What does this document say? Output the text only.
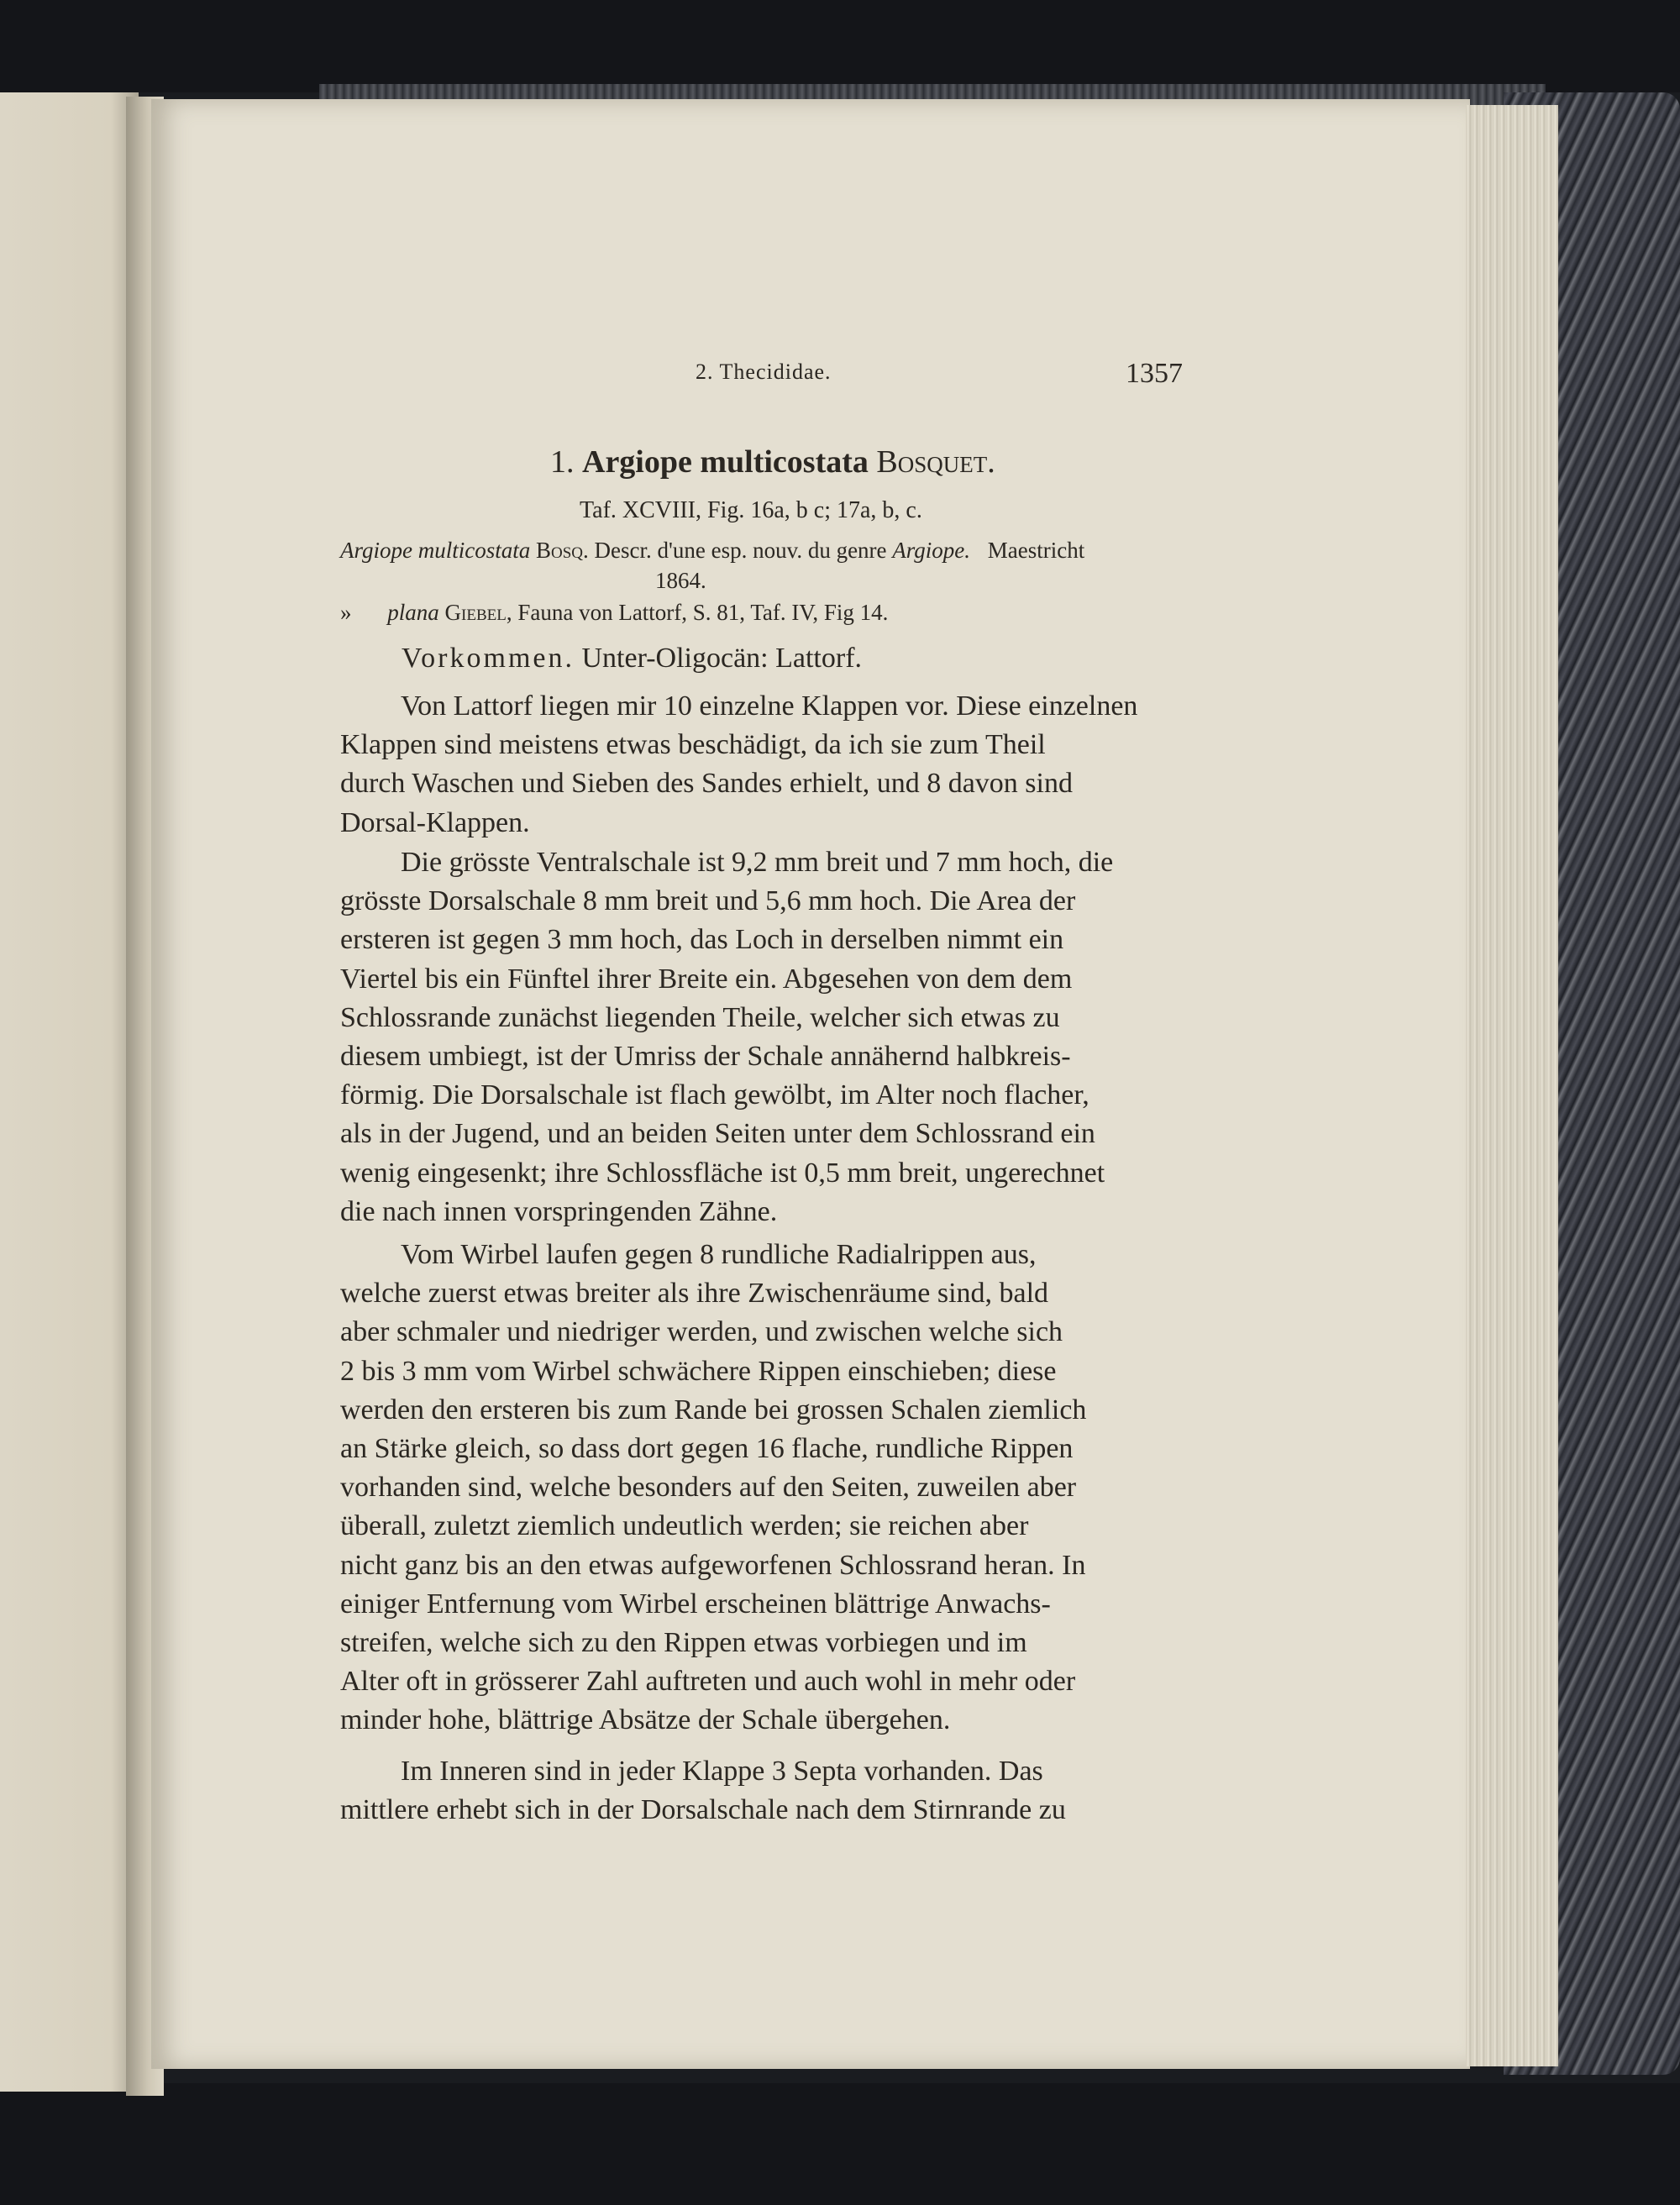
2. Thecididae.	1357
1. Argiope multicostata Bosquet.
Taf. XCVIII, Fig. 16a, b c; 17a, b, c.
Argiope multicostata Bosq. Descr. d'une esp. nouv. du genre Argiope. Maestricht
1864.
» plana Giebel, Fauna von Lattorf, S. 81, Taf. IV, Fig 14.
Vorkommen. Unter-Oligocän: Lattorf.
Von Lattorf liegen mir 10 einzelne Klappen vor. Diese einzelnen
Klappen sind meistens etwas beschädigt, da ich sie zum Theil
durch Waschen und Sieben des Sandes erhielt, und 8 davon sind
Dorsal-Klappen.
Die grösste Ventralschale ist 9,2 mm breit und 7 mm hoch, die
grösste Dorsalschale 8 mm breit und 5,6 mm hoch. Die Area der
ersteren ist gegen 3 mm hoch, das Loch in derselben nimmt ein
Viertel bis ein Fünftel ihrer Breite ein. Abgesehen von dem dem
Schlossrande zunächst liegenden Theile, welcher sich etwas zu
diesem umbiegt, ist der Umriss der Schale annähernd halbkreis-
förmig. Die Dorsalschale ist flach gewölbt, im Alter noch flacher,
als in der Jugend, und an beiden Seiten unter dem Schlossrand ein
wenig eingesenkt; ihre Schlossfläche ist 0,5 mm breit, ungerechnet
die nach innen vorspringenden Zähne.
Vom Wirbel laufen gegen 8 rundliche Radialrippen aus,
welche zuerst etwas breiter als ihre Zwischenräume sind, bald
aber schmaler und niedriger werden, und zwischen welche sich
2 bis 3 mm vom Wirbel schwächere Rippen einschieben; diese
werden den ersteren bis zum Rande bei grossen Schalen ziemlich
an Stärke gleich, so dass dort gegen 16 flache, rundliche Rippen
vorhanden sind, welche besonders auf den Seiten, zuweilen aber
überall, zuletzt ziemlich undeutlich werden; sie reichen aber
nicht ganz bis an den etwas aufgeworfenen Schlossrand heran. In
einiger Entfernung vom Wirbel erscheinen blättrige Anwachs-
streifen, welche sich zu den Rippen etwas vorbiegen und im
Alter oft in grösserer Zahl auftreten und auch wohl in mehr oder
minder hohe, blättrige Absätze der Schale übergehen.
Im Inneren sind in jeder Klappe 3 Septa vorhanden. Das
mittlere erhebt sich in der Dorsalschale nach dem Stirnrande zu
